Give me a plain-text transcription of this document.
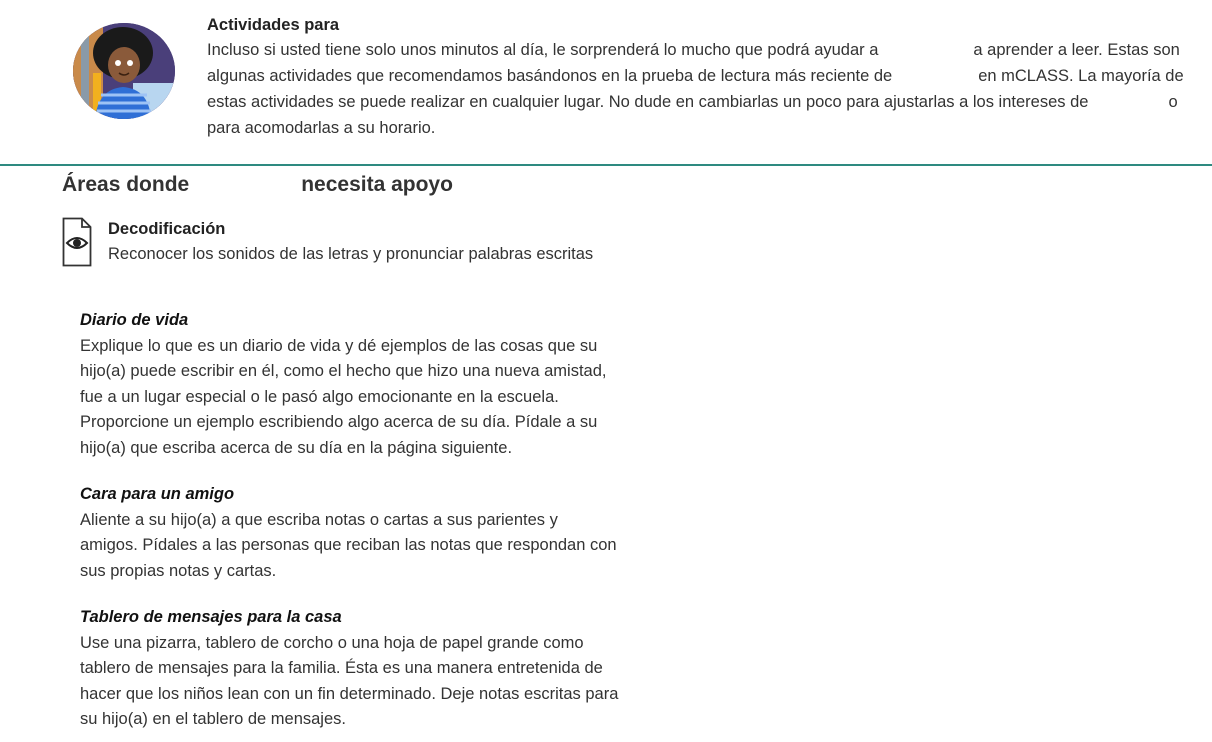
Actividades para

Incluso si usted tiene solo unos minutos al día, le sorprenderá lo mucho que podrá ayudar a	a aprender a leer. Estas son algunas actividades que recomendamos basándonos en la prueba de lectura más reciente de	en mCLASS. La mayoría de estas actividades se puede realizar en cualquier lugar. No dude en cambiarlas un poco para ajustarlas a los intereses de	o para acomodarlas a su horario.

Áreas donde	necesita apoyo
Decodificación
Reconocer los sonidos de las letras y pronunciar palabras escritas
Diario de vida
Explique lo que es un diario de vida y dé ejemplos de las cosas que su hijo(a) puede escribir en él, como el hecho que hizo una nueva amistad, fue a un lugar especial o le pasó algo emocionante en la escuela. Proporcione un ejemplo escribiendo algo acerca de su día. Pídale a su hijo(a) que escriba acerca de su día en la página siguiente.
Cara para un amigo
Aliente a su hijo(a) a que escriba notas o cartas a sus parientes y amigos. Pídales a las personas que reciban las notas que respondan con sus propias notas y cartas.
Tablero de mensajes para la casa
Use una pizarra, tablero de corcho o una hoja de papel grande como tablero de mensajes para la familia. Ésta es una manera entretenida de hacer que los niños lean con un fin determinado. Deje notas escritas para su hijo(a) en el tablero de mensajes.
